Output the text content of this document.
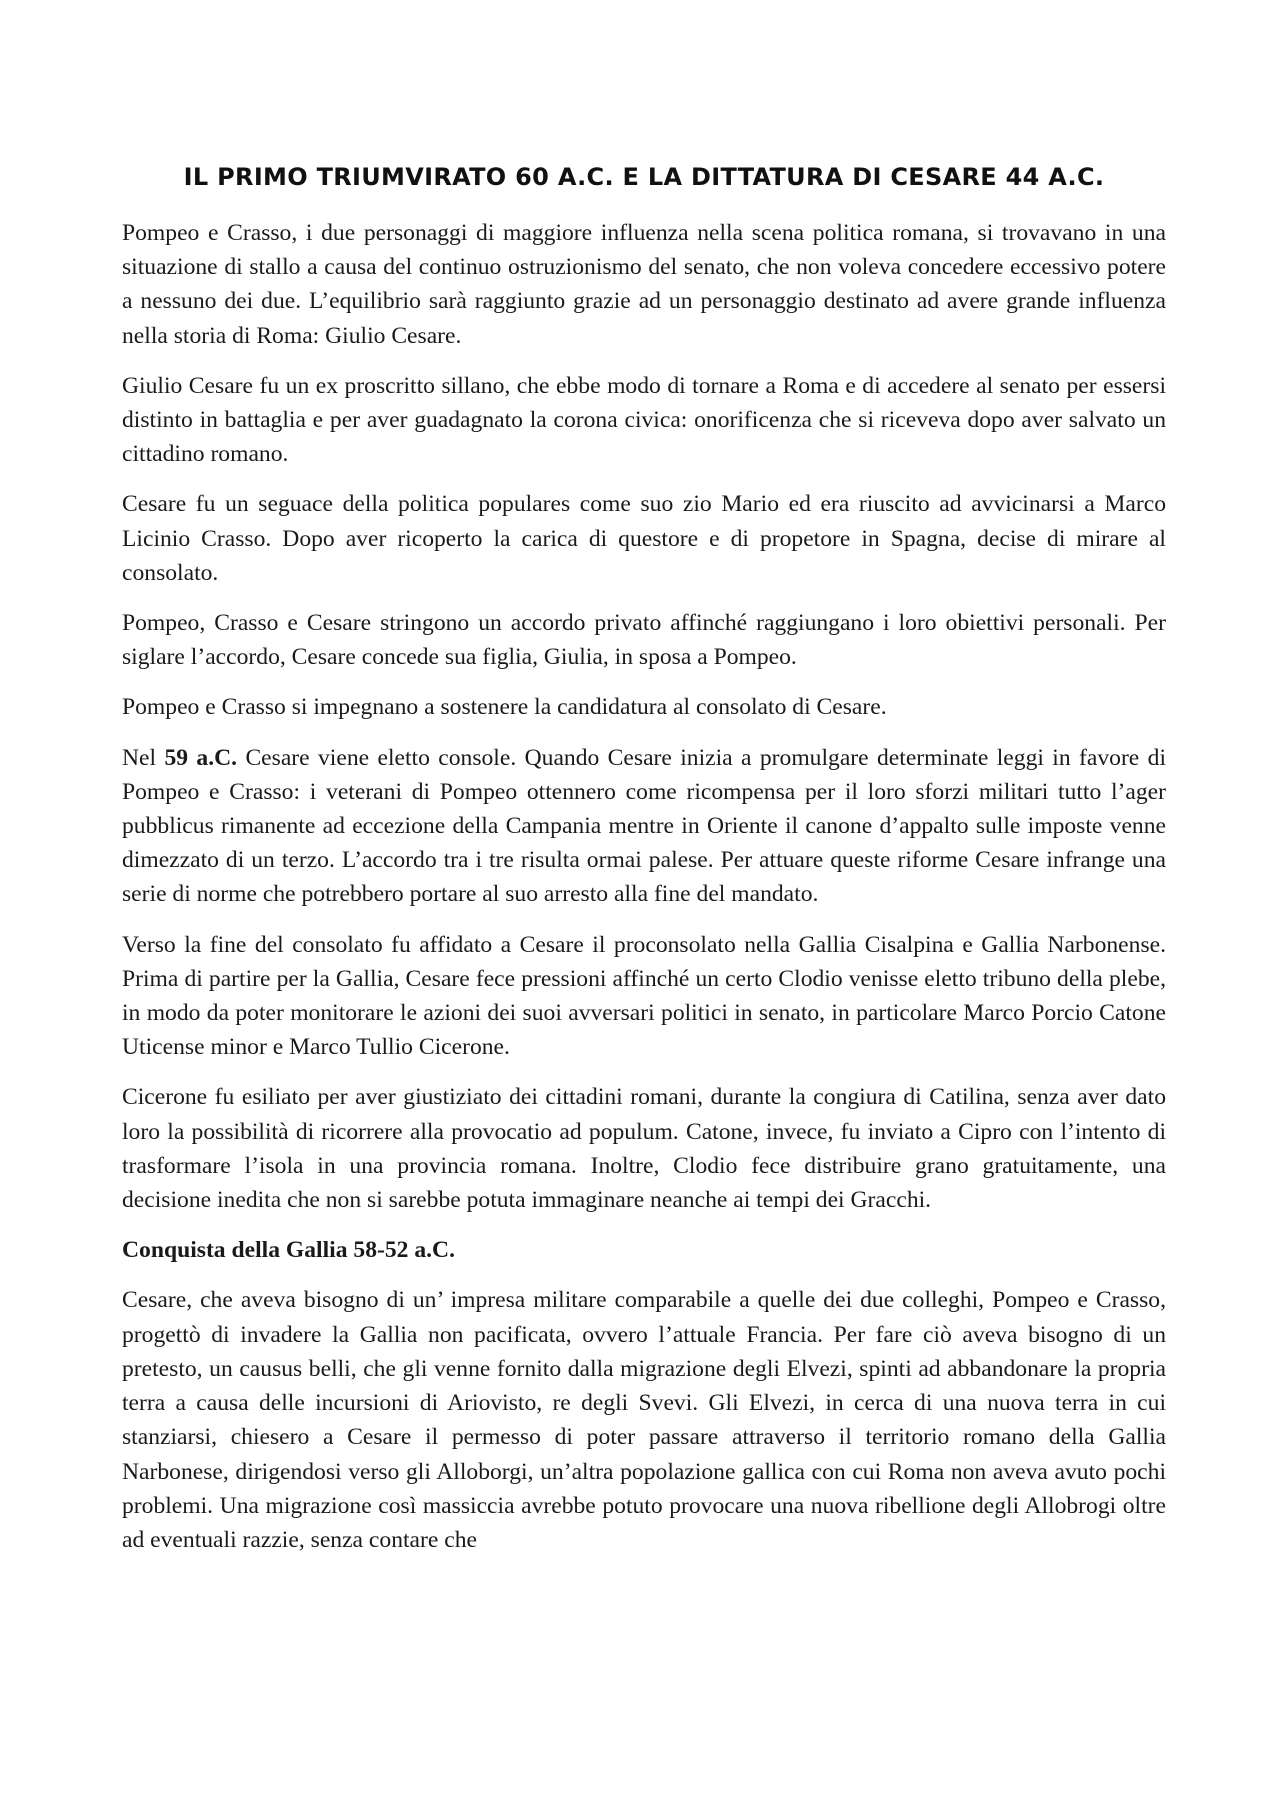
IL PRIMO TRIUMVIRATO 60 A.C. E LA DITTATURA DI CESARE 44 A.C.

Pompeo e Crasso, i due personaggi di maggiore influenza nella scena politica romana, si trovavano in una situazione di stallo a causa del continuo ostruzionismo del senato, che non voleva concedere eccessivo potere a nessuno dei due. L’equilibrio sarà raggiunto grazie ad un personaggio destinato ad avere grande influenza nella storia di Roma: Giulio Cesare.

Giulio Cesare fu un ex proscritto sillano, che ebbe modo di tornare a Roma e di accedere al senato per essersi distinto in battaglia e per aver guadagnato la corona civica: onorificenza che si riceveva dopo aver salvato un cittadino romano.

Cesare fu un seguace della politica populares come suo zio Mario ed era riuscito ad avvicinarsi a Marco Licinio Crasso. Dopo aver ricoperto la carica di questore e di propetore in Spagna, decise di mirare al consolato.

Pompeo, Crasso e Cesare stringono un accordo privato affinché raggiungano i loro obiettivi personali. Per siglare l’accordo, Cesare concede sua figlia, Giulia, in sposa a Pompeo.

Pompeo e Crasso si impegnano a sostenere la candidatura al consolato di Cesare.

Nel 59 a.C. Cesare viene eletto console. Quando Cesare inizia a promulgare determinate leggi in favore di Pompeo e Crasso: i veterani di Pompeo ottennero come ricompensa per il loro sforzi militari tutto l’ager pubblicus rimanente ad eccezione della Campania mentre in Oriente il canone d’appalto sulle imposte venne dimezzato di un terzo. L’accordo tra i tre risulta ormai palese. Per attuare queste riforme Cesare infrange una serie di norme che potrebbero portare al suo arresto alla fine del mandato.

Verso la fine del consolato fu affidato a Cesare il proconsolato nella Gallia Cisalpina e Gallia Narbonense. Prima di partire per la Gallia, Cesare fece pressioni affinché un certo Clodio venisse eletto tribuno della plebe, in modo da poter monitorare le azioni dei suoi avversari politici in senato, in particolare Marco Porcio Catone Uticense minor e Marco Tullio Cicerone.

Cicerone fu esiliato per aver giustiziato dei cittadini romani, durante la congiura di Catilina, senza aver dato loro la possibilità di ricorrere alla provocatio ad populum. Catone, invece, fu inviato a Cipro con l’intento di trasformare l’isola in una provincia romana. Inoltre, Clodio fece distribuire grano gratuitamente, una decisione inedita che non si sarebbe potuta immaginare neanche ai tempi dei Gracchi.

Conquista della Gallia 58-52 a.C.

Cesare, che aveva bisogno di un’ impresa militare comparabile a quelle dei due colleghi, Pompeo e Crasso, progettò di invadere la Gallia non pacificata, ovvero l’attuale Francia. Per fare ciò aveva bisogno di un pretesto, un causus belli, che gli venne fornito dalla migrazione degli Elvezi, spinti ad abbandonare la propria terra a causa delle incursioni di Ariovisto, re degli Svevi. Gli Elvezi, in cerca di una nuova terra in cui stanziarsi, chiesero a Cesare il permesso di poter passare attraverso il territorio romano della Gallia Narbonese, dirigendosi verso gli Alloborgi, un’altra popolazione gallica con cui Roma non aveva avuto pochi problemi. Una migrazione così massiccia avrebbe potuto provocare una nuova ribellione degli Allobrogi oltre ad eventuali razzie, senza contare che
